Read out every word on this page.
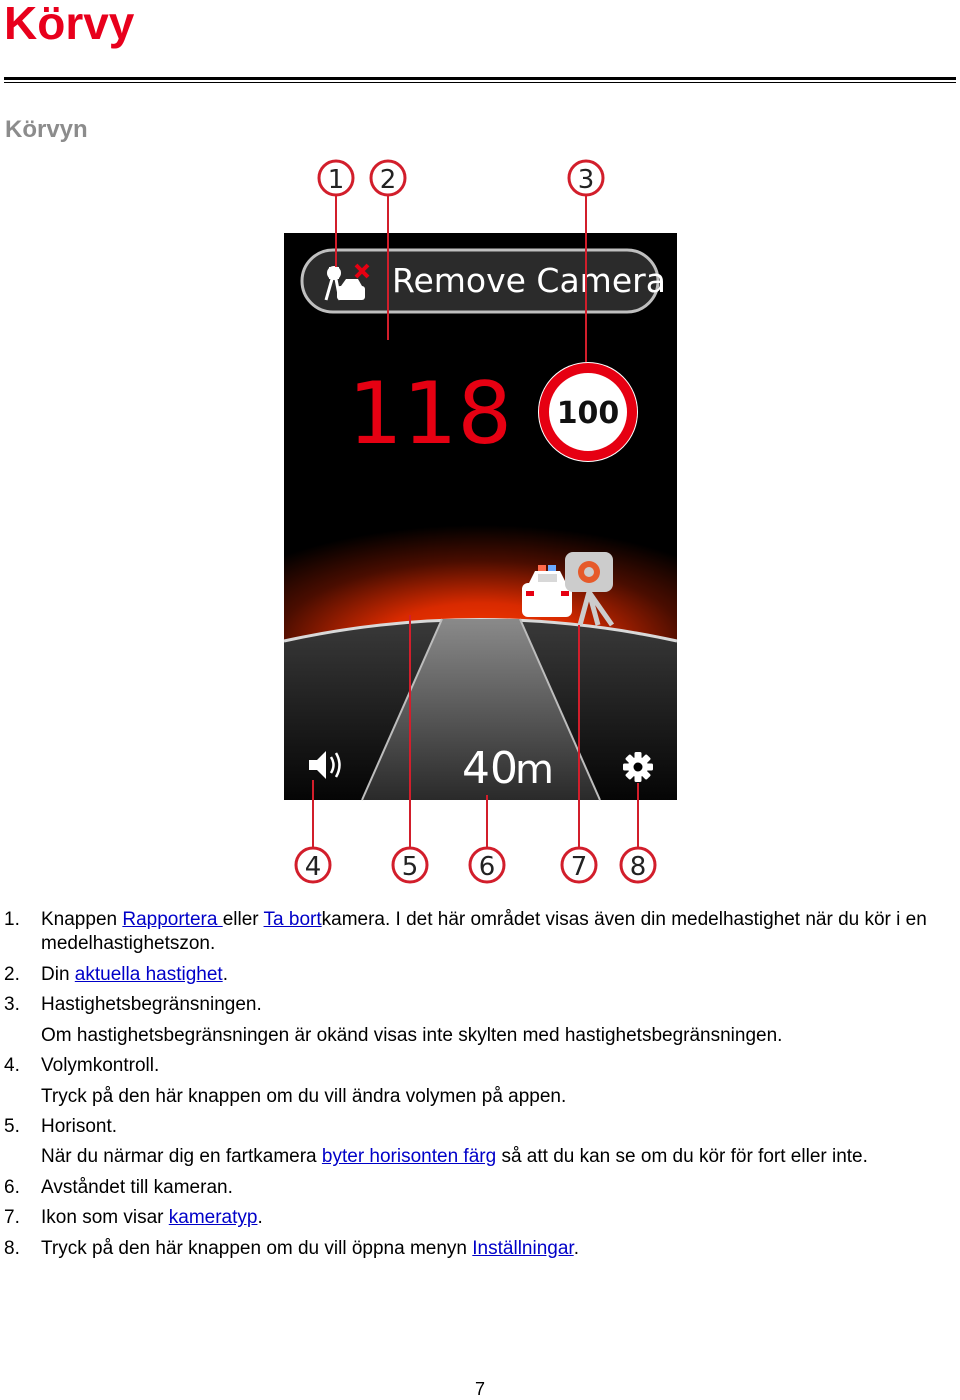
Körvy
Körvyn
Remove Camera
118 100
40
m
1 2	3
4	5 6	7 8
1. Knappen Rapportera eller Ta bortkamera. I det här området visas även din medelhastighet när du kör i en medelhastighetszon.
2. Din aktuella hastighet.
3. Hastighetsbegränsningen.
Om hastighetsbegränsningen är okänd visas inte skylten med hastighetsbegränsningen.
4. Volymkontroll.
Tryck på den här knappen om du vill ändra volymen på appen.
5. Horisont.
När du närmar dig en fartkamera byter horisonten färg så att du kan se om du kör för fort eller inte.
6. Avståndet till kameran.
7. Ikon som visar kameratyp.
8. Tryck på den här knappen om du vill öppna menyn Inställningar.
7
